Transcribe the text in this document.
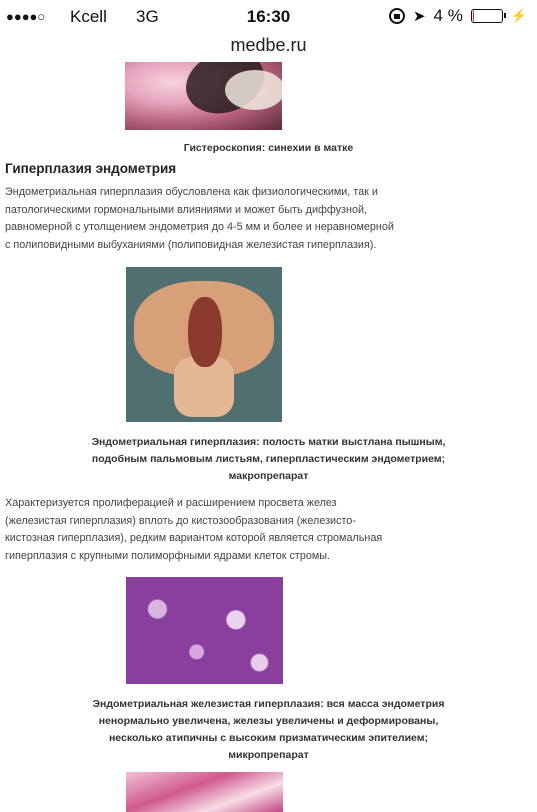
●●●●○ Kcell 3G	16:30	➤ 4 %	⚡
medbe.ru
Гистероскопия: синехии в матке
Гиперплазия эндометрия
Эндометриальная гиперплазия обусловлена как физиологическими, так и
патологическими гормональными влияниями и может быть диффузной,
равномерной с утолщением эндометрия до 4-5 мм и более и неравномерной
с полиповидными выбуханиями (полиповидная железистая гиперплазия).
Эндометриальная гиперплазия: полость матки выстлана пышным,
подобным пальмовым листьям, гиперпластическим эндометрием;
макропрепарат
Характеризуется пролиферацией и расширением просвета желез
(железистая гиперплазия) вплоть до кистозообразования (железисто-
кистозная гиперплазия), редким вариантом которой является стромальная
гиперплазия с крупными полиморфными ядрами клеток стромы.
Эндометриальная железистая гиперплазия: вся масса эндометрия
ненормально увеличена, железы увеличены и деформированы,
несколько атипичны с высоким призматическим эпителием;
микропрепарат
